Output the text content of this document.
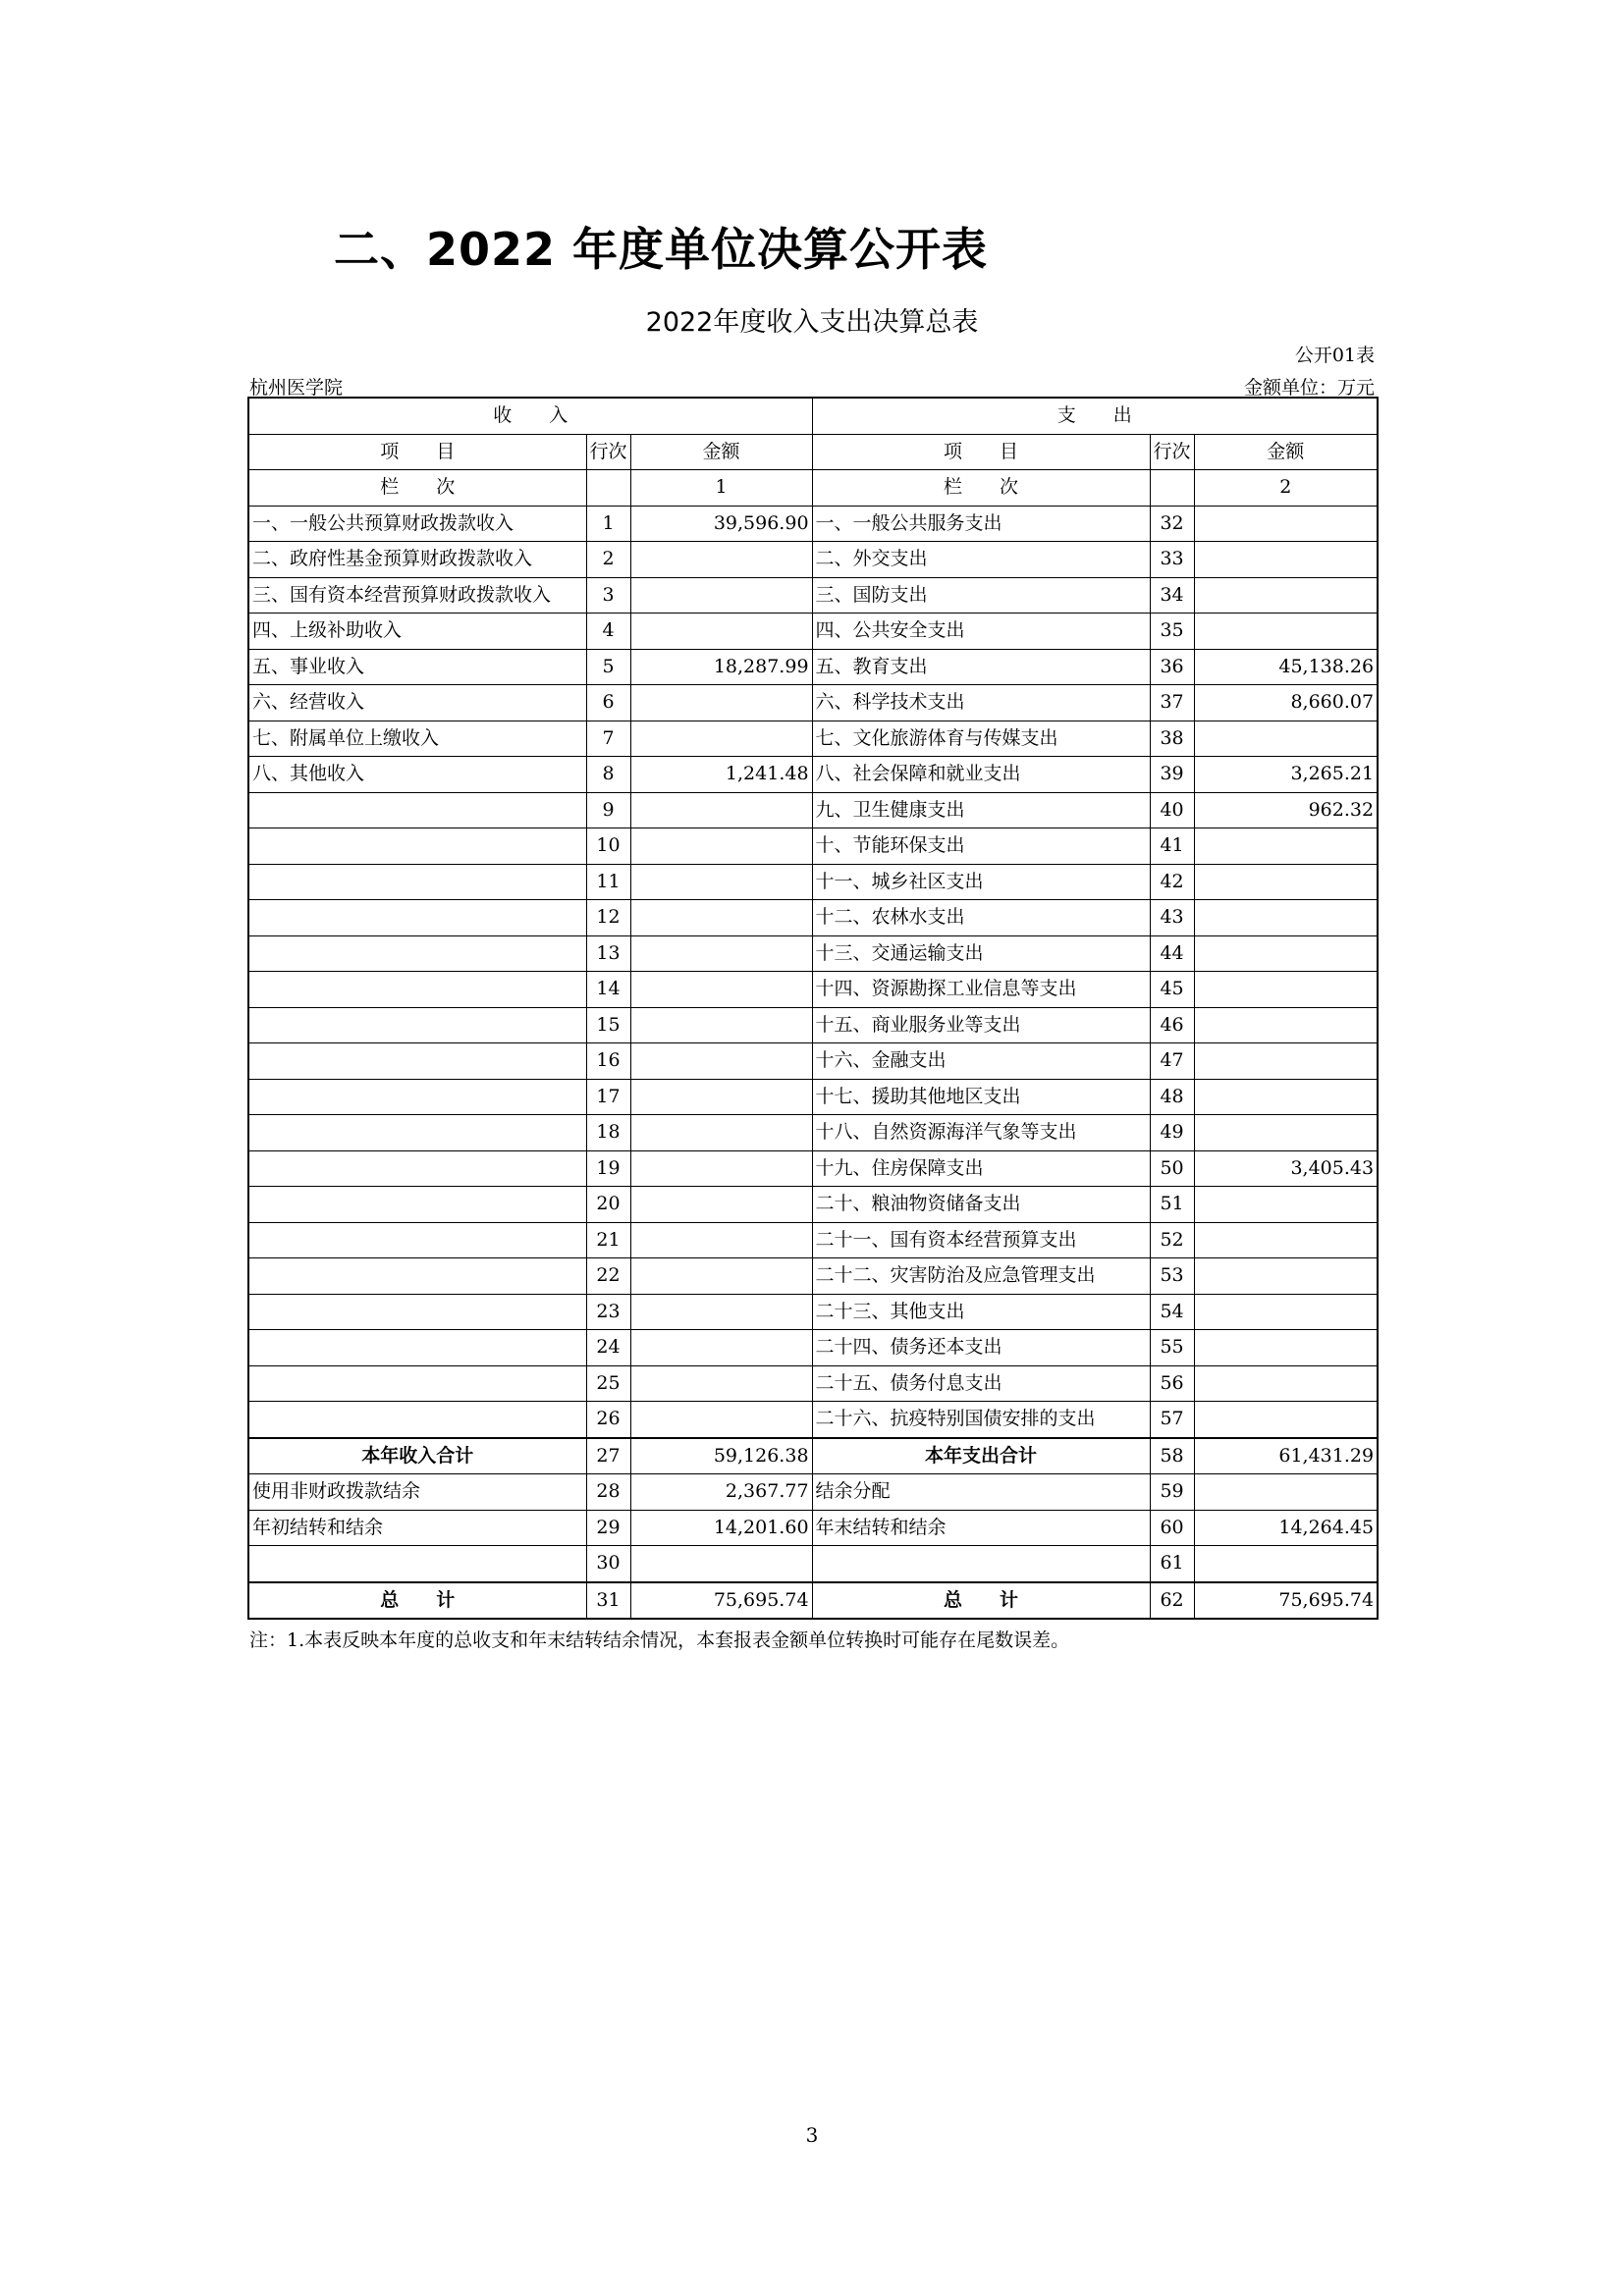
二、2022 年度单位决算公开表
2022年度收入支出决算总表
公开01表
杭州医学院	金额单位：万元
收　　入			支　　出		
项　　目	行次	金额	项　　目	行次	金额
栏　　次		1	栏　　次		2
一、一般公共预算财政拨款收入	1	39,596.90	一、一般公共服务支出	32	
二、政府性基金预算财政拨款收入	2		二、外交支出	33	
三、国有资本经营预算财政拨款收入	3		三、国防支出	34	
四、上级补助收入	4		四、公共安全支出	35	
五、事业收入	5	18,287.99	五、教育支出	36	45,138.26
六、经营收入	6		六、科学技术支出	37	8,660.07
七、附属单位上缴收入	7		七、文化旅游体育与传媒支出	38	
八、其他收入	8	1,241.48	八、社会保障和就业支出	39	3,265.21
	9		九、卫生健康支出	40	962.32
	10		十、节能环保支出	41	
	11		十一、城乡社区支出	42	
	12		十二、农林水支出	43	
	13		十三、交通运输支出	44	
	14		十四、资源勘探工业信息等支出	45	
	15		十五、商业服务业等支出	46	
	16		十六、金融支出	47	
	17		十七、援助其他地区支出	48	
	18		十八、自然资源海洋气象等支出	49	
	19		十九、住房保障支出	50	3,405.43
	20		二十、粮油物资储备支出	51	
	21		二十一、国有资本经营预算支出	52	
	22		二十二、灾害防治及应急管理支出	53	
	23		二十三、其他支出	54	
	24		二十四、债务还本支出	55	
	25		二十五、债务付息支出	56	
	26		二十六、抗疫特别国债安排的支出	57	
本年收入合计	27	59,126.38	本年支出合计	58	61,431.29
使用非财政拨款结余	28	2,367.77	结余分配	59	
年初结转和结余	29	14,201.60	年末结转和结余	60	14,264.45
	30			61	
总　　计	31	75,695.74	总　　计	62	75,695.74
注：1.本表反映本年度的总收支和年末结转结余情况，本套报表金额单位转换时可能存在尾数误差。
3
